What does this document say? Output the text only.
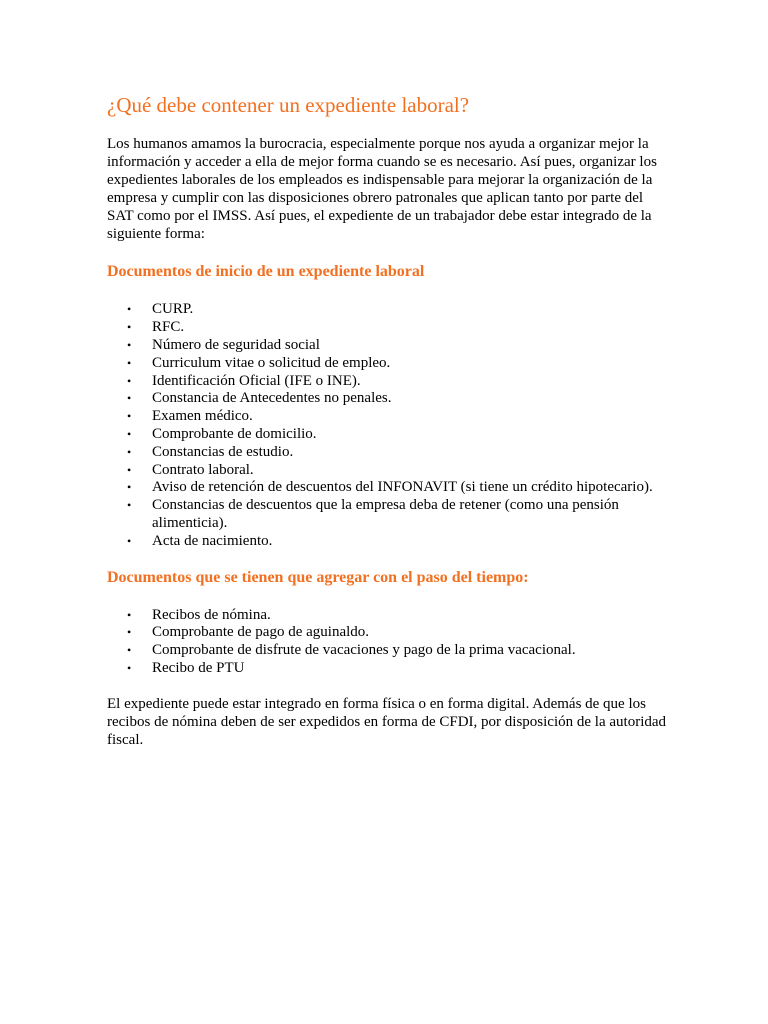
¿Qué debe contener un expediente laboral?

Los humanos amamos la burocracia, especialmente porque nos ayuda a organizar mejor la información y acceder a ella de mejor forma cuando se es necesario. Así pues, organizar los expedientes laborales de los empleados es indispensable para mejorar la organización de la empresa y cumplir con las disposiciones obrero patronales que aplican tanto por parte del SAT como por el IMSS. Así pues, el expediente de un trabajador debe estar integrado de la siguiente forma:

Documentos de inicio de un expediente laboral
• CURP.
• RFC.
• Número de seguridad social
• Curriculum vitae o solicitud de empleo.
• Identificación Oficial (IFE o INE).
• Constancia de Antecedentes no penales.
• Examen médico.
• Comprobante de domicilio.
• Constancias de estudio.
• Contrato laboral.
• Aviso de retención de descuentos del INFONAVIT (si tiene un crédito hipotecario).
• Constancias de descuentos que la empresa deba de retener (como una pensión alimenticia).
• Acta de nacimiento.
Documentos que se tienen que agregar con el paso del tiempo:
• Recibos de nómina.
• Comprobante de pago de aguinaldo.
• Comprobante de disfrute de vacaciones y pago de la prima vacacional.
• Recibo de PTU

El expediente puede estar integrado en forma física o en forma digital. Además de que los recibos de nómina deben de ser expedidos en forma de CFDI, por disposición de la autoridad fiscal.
